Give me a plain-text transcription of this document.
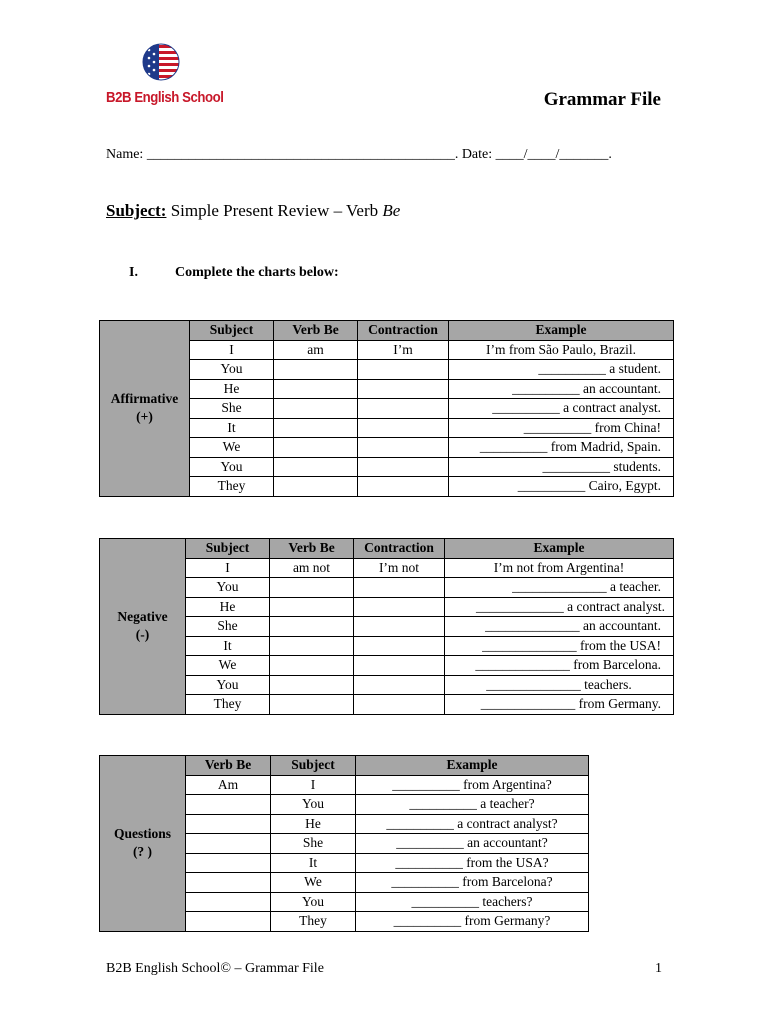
B2B English School	Grammar File
Name: ____________________________________________. Date: ____/____/_______.
Subject: Simple Present Review – Verb Be
I.	Complete the charts below:
Affirmative
(+)	Subject	Verb Be	Contraction	Example
	I	am	I’m	I’m from São Paulo, Brazil.
	You			__________ a student.
	He			__________ an accountant.
	She			__________ a contract analyst.
	It			__________ from China!
	We			__________ from Madrid, Spain.
	You			__________ students.
	They			__________ Cairo, Egypt.
Negative
(-)	Subject	Verb Be	Contraction	Example
	I	am not	I’m not	I’m not from Argentina!
	You			______________ a teacher.
	He			_____________ a contract analyst.
	She			______________ an accountant.
	It			______________ from the USA!
	We			______________ from Barcelona.
	You			______________ teachers.
	They			______________ from Germany.
Questions
(? )	Verb Be	Subject	Example
	Am	I	__________ from Argentina?
		You	__________ a teacher?
		He	__________ a contract analyst?
		She	__________ an accountant?
		It	__________ from the USA?
		We	__________ from Barcelona?
		You	__________ teachers?
		They	__________ from Germany?
B2B English School© – Grammar File	1
